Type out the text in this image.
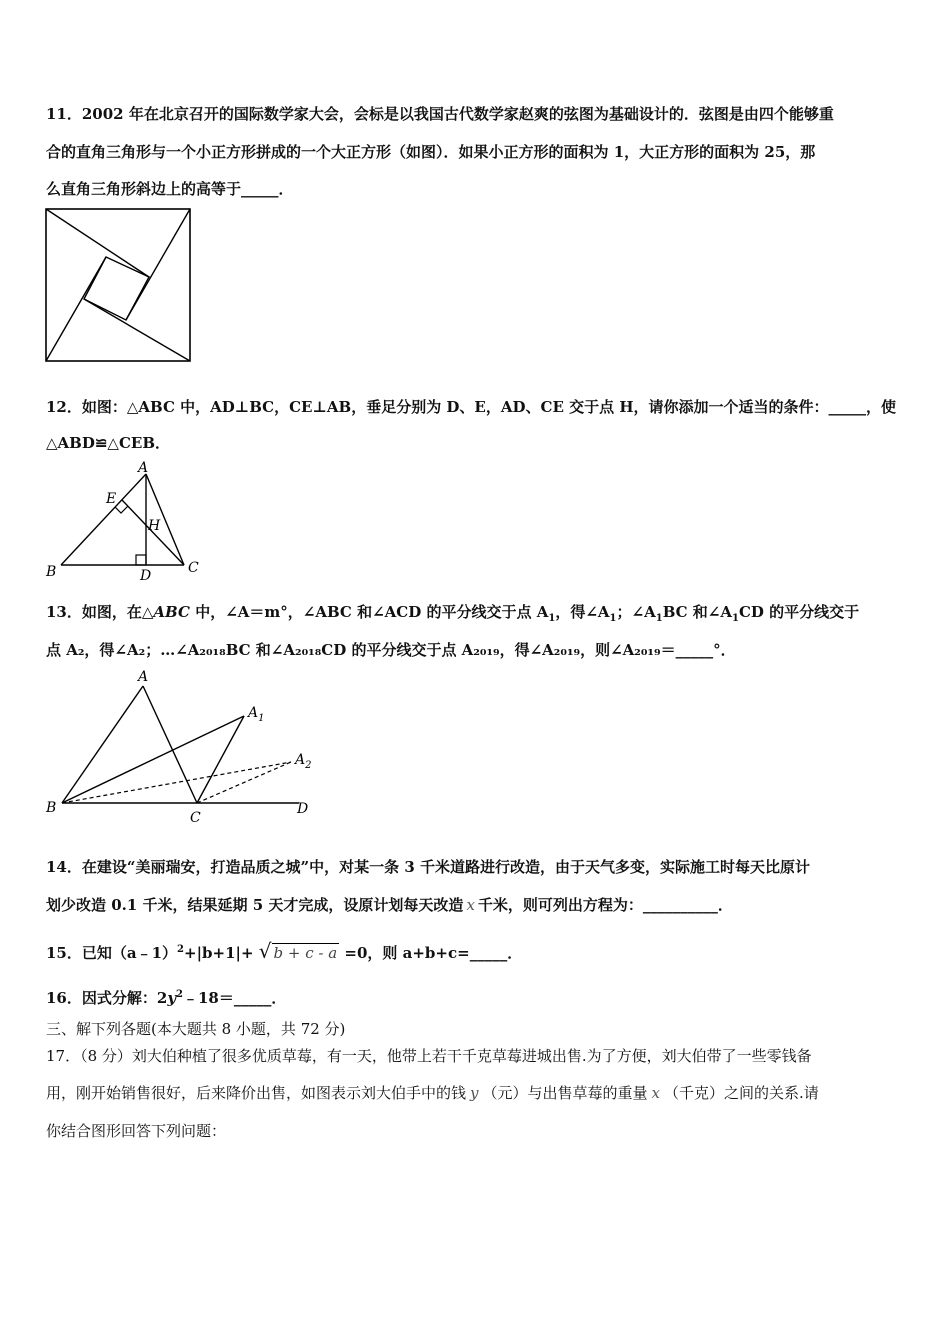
11．2002 年在北京召开的国际数学家大会，会标是以我国古代数学家赵爽的弦图为基础设计的．弦图是由四个能够重
合的直角三角形与一个小正方形拼成的一个大正方形（如图）．如果小正方形的面积为 1，大正方形的面积为 25，那
么直角三角形斜边上的高等于_____．
12．如图：△ABC 中，AD⊥BC，CE⊥AB，垂足分别为 D、E，AD、CE 交于点 H，请你添加一个适当的条件：_____，使
△ABD≌△CEB．
A
E
H
B	D	C
13．如图，在△ABC 中，∠A＝m°，∠ABC 和∠ACD 的平分线交于点 $A_1$，得$\angle A_1$；$\angle A_1BC$ 和$\angle A_1CD$ 的平分线交于
点 A₂，得∠A₂；…∠A₂₀₁₈BC 和∠A₂₀₁₈CD 的平分线交于点 A₂₀₁₉，得∠A₂₀₁₉，则∠A₂₀₁₉＝_____°．
A
$A_1$
$A_2$
B
C
D
14．在建设“美丽瑞安，打造品质之城”中，对某一条 3 千米道路进行改造，由于天气多变，实际施工时每天比原计
划少改造 0.1 千米，结果延期 5 天才完成，设原计划每天改造 x 千米，则可列出方程为：__________．
15．已知（a﹣1）$^2$+|b+1|+ √ b + c - a =0，则 a+b+c=_____．
16．因式分解：$2y^2﹣18=\_\_\_\_\_$．
三、解下列各题(本大题共 8 小题，共 72 分)
17．（8 分）刘大伯种植了很多优质草莓，有一天，他带上若干千克草莓进城出售.为了方便，刘大伯带了一些零钱备
用，刚开始销售很好，后来降价出售，如图表示刘大伯手中的钱 y （元）与出售草莓的重量 x （千克）之间的关系.请
你结合图形回答下列问题：
